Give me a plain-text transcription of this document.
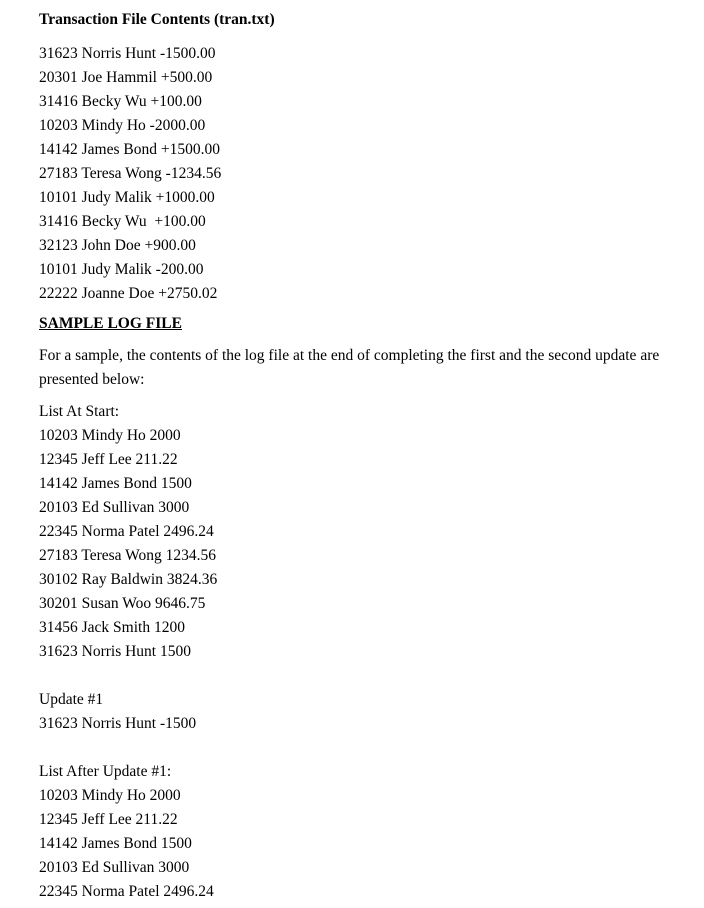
Transaction File Contents (tran.txt)
31623 Norris Hunt -1500.00
20301 Joe Hammil +500.00
31416 Becky Wu +100.00
10203 Mindy Ho -2000.00
14142 James Bond +1500.00
27183 Teresa Wong -1234.56
10101 Judy Malik +1000.00
31416 Becky Wu  +100.00
32123 John Doe +900.00
10101 Judy Malik -200.00
22222 Joanne Doe +2750.02
SAMPLE LOG FILE

For a sample, the contents of the log file at the end of completing the first and the second update are presented below:

List At Start:
10203 Mindy Ho 2000
12345 Jeff Lee 211.22
14142 James Bond 1500
20103 Ed Sullivan 3000
22345 Norma Patel 2496.24
27183 Teresa Wong 1234.56
30102 Ray Baldwin 3824.36
30201 Susan Woo 9646.75
31456 Jack Smith 1200
31623 Norris Hunt 1500
Update #1
31623 Norris Hunt -1500
List After Update #1:
10203 Mindy Ho 2000
12345 Jeff Lee 211.22
14142 James Bond 1500
20103 Ed Sullivan 3000
22345 Norma Patel 2496.24
